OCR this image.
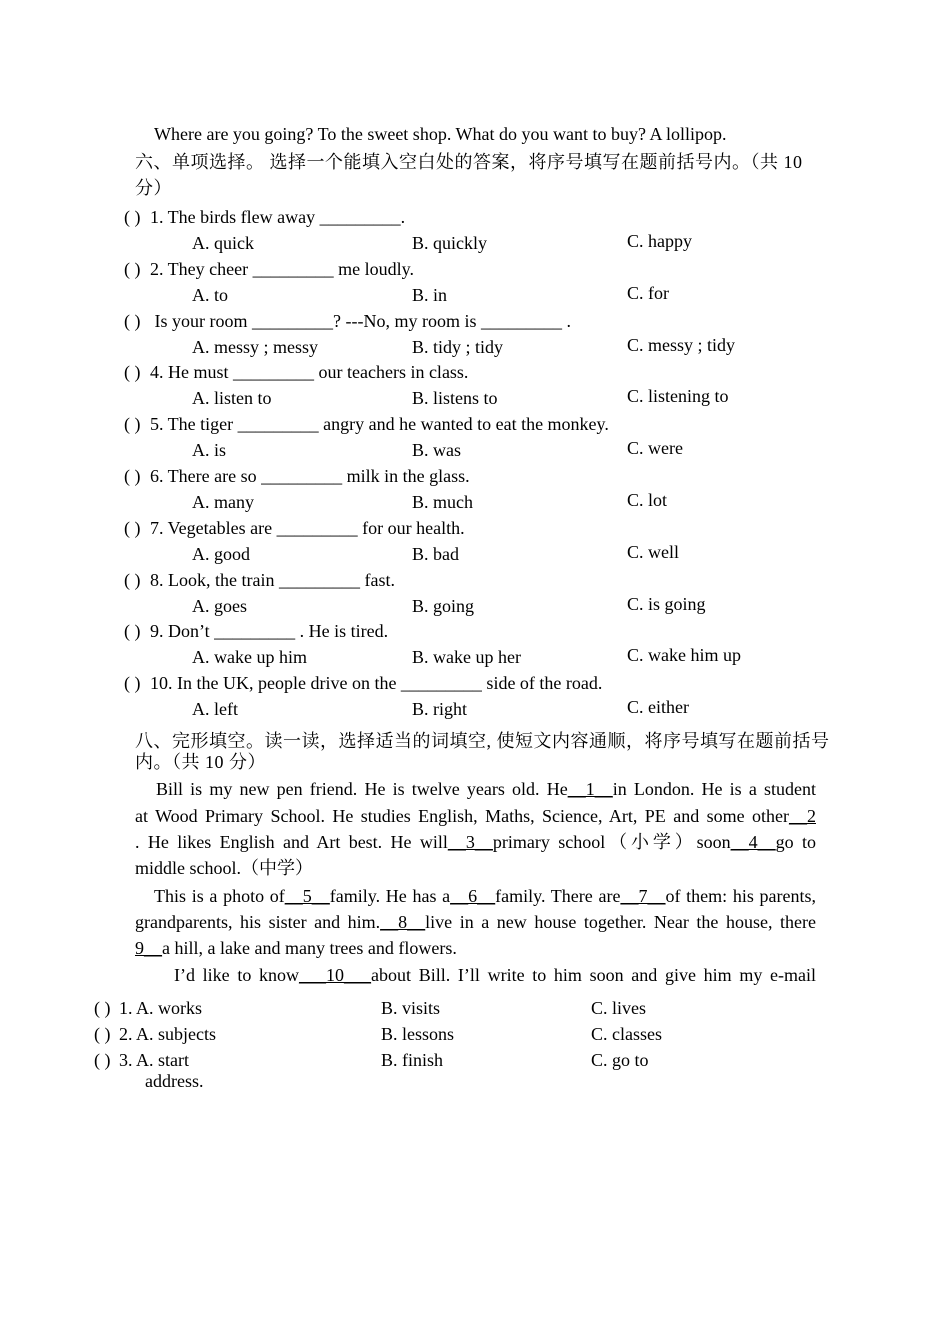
Where are you going? To the sweet shop. What do you want to buy? A lollipop.
六、单项选择。 选择一个能填入空白处的答案，将序号填写在题前括号内。（共 10
分）
( ) 1. The birds flew away _________.
A. quick	B. quickly	C. happy
( ) 2. They cheer _________ me loudly.
A. to	B. in	C. for
( ) Is your room _________? ---No, my room is _________ .
A. messy ; messy	B. tidy ; tidy	C. messy ; tidy
( ) 4. He must _________ our teachers in class.
A. listen to	B. listens to	C. listening to
( ) 5. The tiger _________ angry and he wanted to eat the monkey.
A. is	B. was	C. were
( ) 6. There are so _________ milk in the glass.
A. many	B. much	C. lot
( ) 7. Vegetables are _________ for our health.
A. good	B. bad	C. well
( ) 8. Look, the train _________ fast.
A. goes	B. going	C. is going
( ) 9. Don’t _________ . He is tired.
A. wake up him	B. wake up her	C. wake him up
( ) 10. In the UK, people drive on the _________ side of the road.
A. left	B. right	C. either
八、完形填空。读一读，选择适当的词填空, 使短文内容通顺，将序号填写在题前括号
内。（共 10 分）
Bill is my new pen friend. He is twelve years old. He__1__in London. He is a student
at Wood Primary School. He studies English, Maths, Science, Art, PE and some other__2
. He likes English and Art best. He will__3__primary school（小学）soon__4__go to
middle school.（中学）
This is a photo of__5__family. He has a__6__family. There are__7__of them: his parents,
grandparents, his sister and him.__8__live in a new house together. Near the house, there
9__a hill, a lake and many trees and flowers.
I’d like to know___10___about Bill. I’ll write to him soon and give him my e-mail
( ) 1. A. works	B. visits	C. lives
( ) 2. A. subjects	B. lessons	C. classes
( ) 3. A. start	B. finish	C. go to
address.
